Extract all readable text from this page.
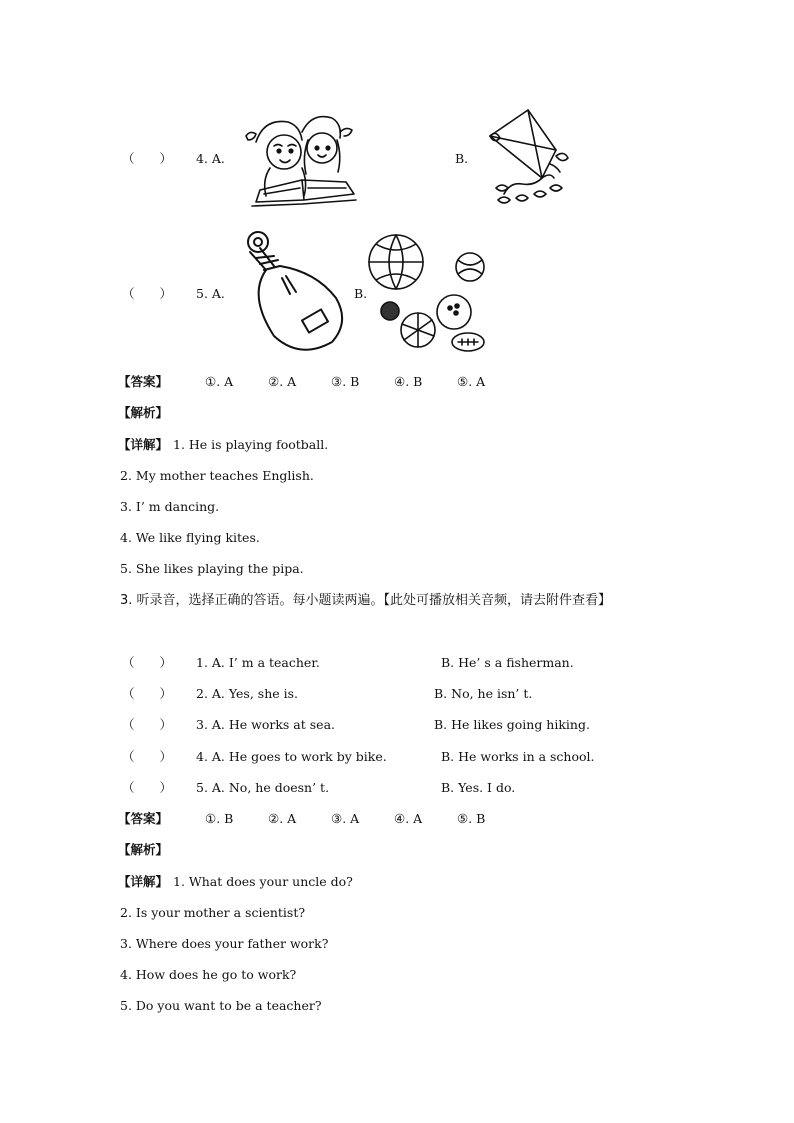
（　　） 4. A.	B.
（　　） 5. A.	B.
【答案】	①. A	②. A	③. B	④. B	⑤. A
【解析】
【详解】 1. He is playing football.
2. My mother teaches English.
3. I’ m dancing.
4. We like flying kites.
5. She likes playing the pipa.
3. 听录音，选择正确的答语。每小题读两遍。【此处可播放相关音频，请去附件查看】
（　　） 1. A. I’ m a teacher.	B. He’ s a fisherman.
（　　） 2. A. Yes, she is.	B. No, he isn’ t.
（　　） 3. A. He works at sea.	B. He likes going hiking.
（　　） 4. A. He goes to work by bike.	B. He works in a school.
（　　） 5. A. No, he doesn’ t.	B. Yes. I do.
【答案】	①. B	②. A	③. A	④. A	⑤. B
【解析】
【详解】 1. What does your uncle do?
2. Is your mother a scientist?
3. Where does your father work?
4. How does he go to work?
5. Do you want to be a teacher?
